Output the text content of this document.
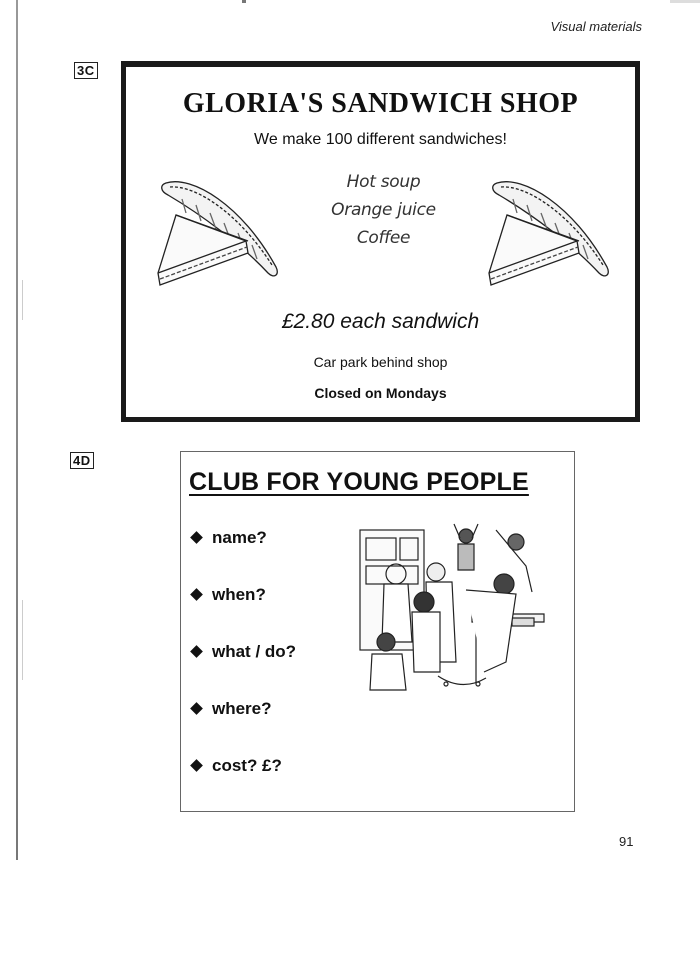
Visual materials
3C
GLORIA'S SANDWICH SHOP
We make 100 different sandwiches!
Hot soup
Orange juice
Coffee
£2.80 each sandwich
Car park behind shop
Closed on Mondays
4D
CLUB FOR YOUNG PEOPLE
name?
when?
what / do?
where?
cost? £?
91
